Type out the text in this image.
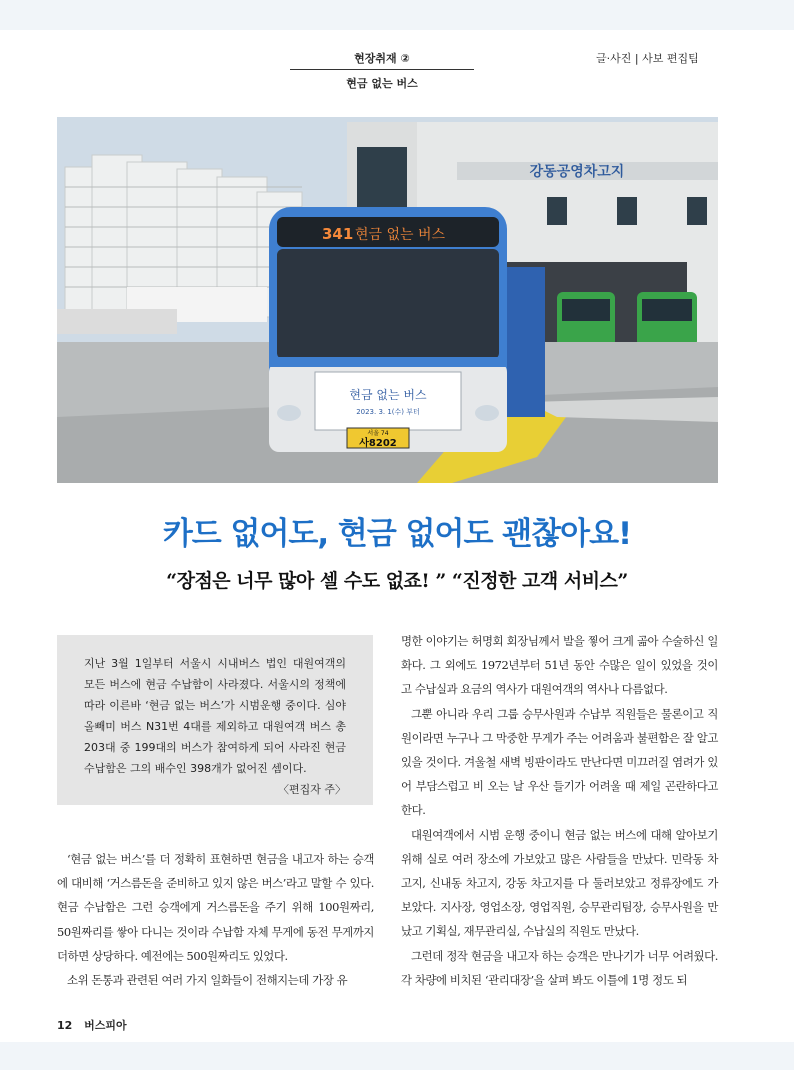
현장취재 ②
현금 없는 버스
글·사진 | 사보 편집팀
강동공영차고지
341 현금 없는 버스
현금 없는 버스
2023. 3. 1(수) 부터
서울 74
사8202
카드 없어도, 현금 없어도 괜찮아요!
“장점은 너무 많아 셀 수도 없죠! ” “진정한 고객 서비스”

지난 3월 1일부터 서울시 시내버스 법인 대원여객의 모든 버스에 현금 수납함이 사라졌다. 서울시의 정책에 따라 이른바 ‘현금 없는 버스’가 시범운행 중이다. 심야 올빼미 버스 N31번 4대를 제외하고 대원여객 버스 총 203대 중 199대의 버스가 참여하게 되어 사라진 현금 수납함은 그의 배수인 398개가 없어진 셈이다.
〈편집자 주〉

‘현금 없는 버스’를 더 정확히 표현하면 현금을 내고자 하는 승객에 대비해 ‘거스름돈을 준비하고 있지 않은 버스’라고 말할 수 있다. 현금 수납함은 그런 승객에게 거스름돈을 주기 위해 100원짜리, 50원짜리를 쌓아 다니는 것이라 수납함 자체 무게에 동전 무게까지 더하면 상당하다. 예전에는 500원짜리도 있었다.

소위 돈통과 관련된 여러 가지 일화들이 전해지는데 가장 유

명한 이야기는 허명회 회장님께서 발을 찧어 크게 곪아 수술하신 일화다. 그 외에도 1972년부터 51년 동안 수많은 일이 있었을 것이고 수납실과 요금의 역사가 대원여객의 역사나 다름없다.

그뿐 아니라 우리 그룹 승무사원과 수납부 직원들은 물론이고 직원이라면 누구나 그 막중한 무게가 주는 어려움과 불편함은 잘 알고 있을 것이다. 겨울철 새벽 빙판이라도 만난다면 미끄러질 염려가 있어 부담스럽고 비 오는 날 우산 들기가 어려울 때 제일 곤란하다고 한다.

대원여객에서 시범 운행 중이니 현금 없는 버스에 대해 알아보기 위해 실로 여러 장소에 가보았고 많은 사람들을 만났다. 민락동 차고지, 신내동 차고지, 강동 차고지를 다 둘러보았고 정류장에도 가보았다. 지사장, 영업소장, 영업직원, 승무관리팀장, 승무사원을 만났고 기획실, 재무관리실, 수납실의 직원도 만났다.

그런데 정작 현금을 내고자 하는 승객은 만나기가 너무 어려웠다. 각 차량에 비치된 ‘관리대장’을 살펴 봐도 이틀에 1명 정도 되

12 버스피아
